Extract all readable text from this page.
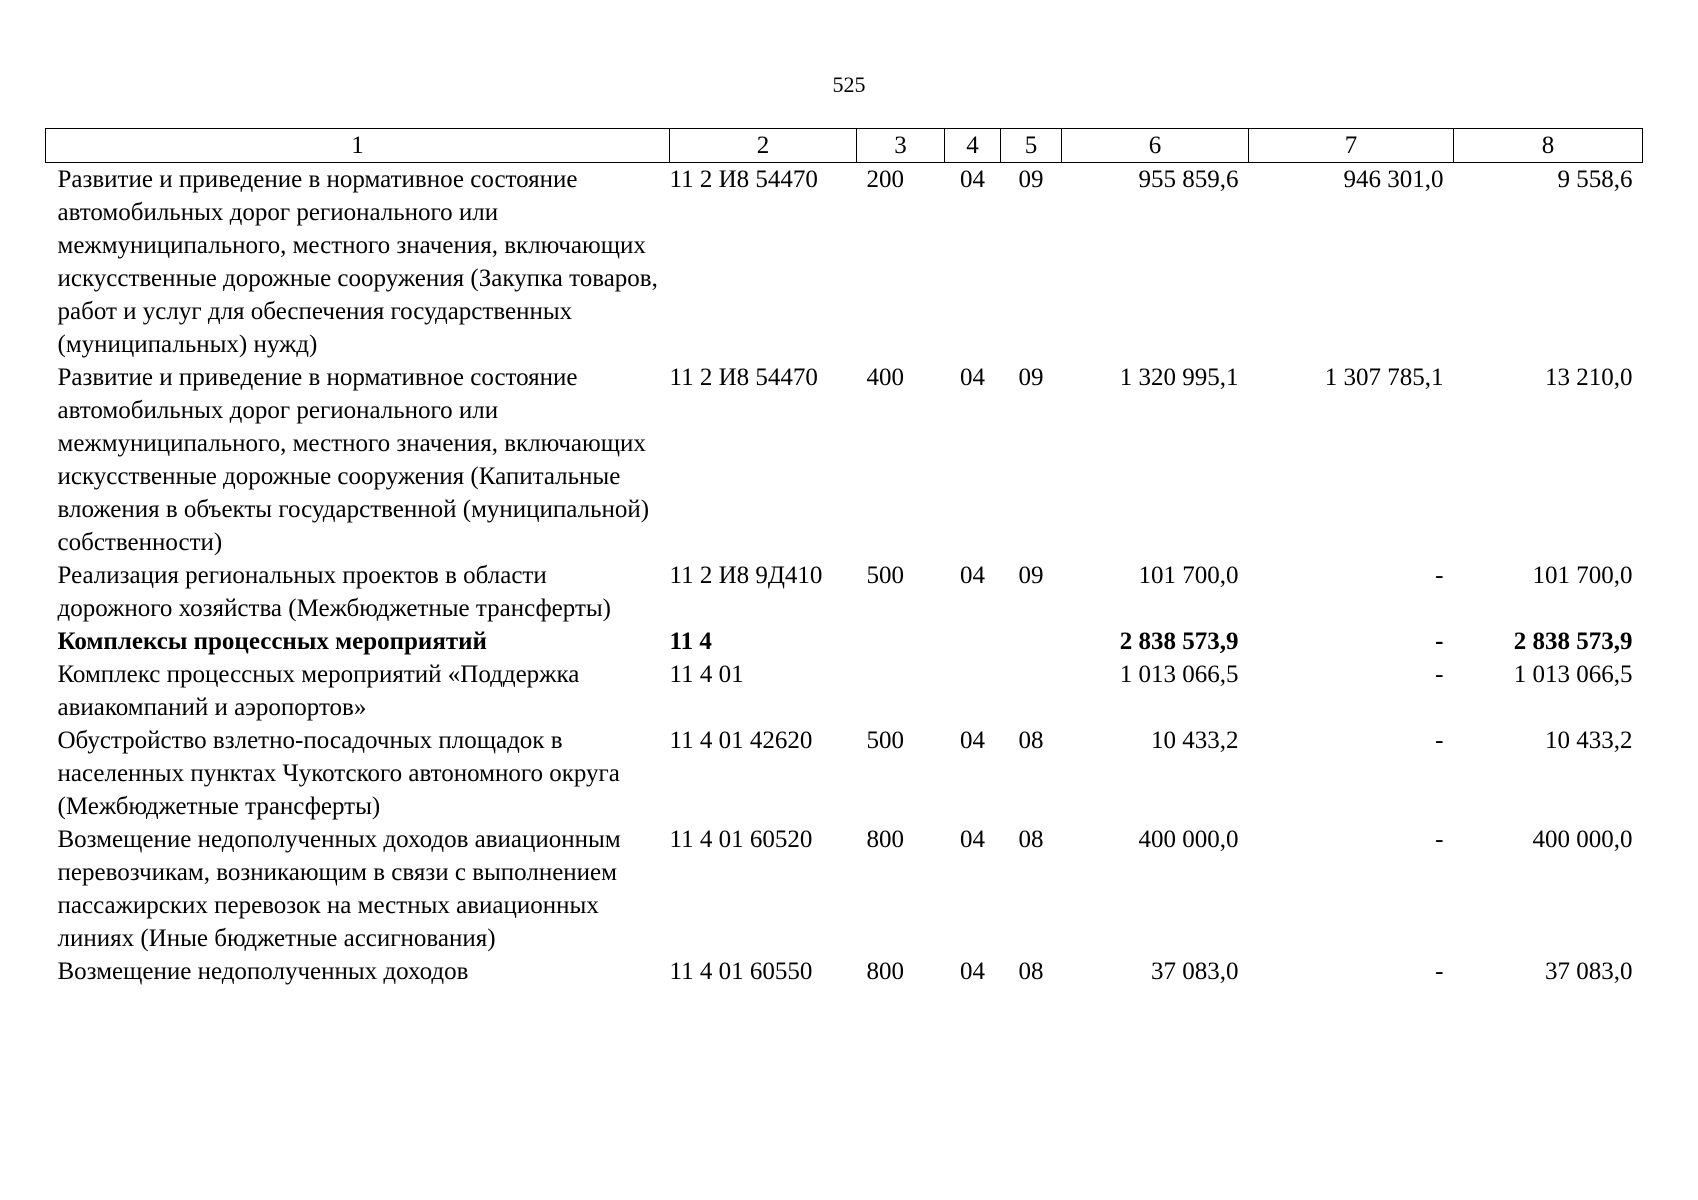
525
1	2	3	4	5	6	7	8
Развитие и приведение в нормативное состояние автомобильных дорог регионального или межмуниципального, местного значения, включающих искусственные дорожные сооружения (Закупка товаров, работ и услуг для обеспечения государственных (муниципальных) нужд)	11 2 И8 54470	200	04	09	955 859,6	946 301,0	9 558,6
Развитие и приведение в нормативное состояние автомобильных дорог регионального или межмуниципального, местного значения, включающих искусственные дорожные сооружения (Капитальные вложения в объекты государственной (муниципальной) собственности)	11 2 И8 54470	400	04	09	1 320 995,1	1 307 785,1	13 210,0
Реализация региональных проектов в области дорожного хозяйства (Межбюджетные трансферты)	11 2 И8 9Д410	500	04	09	101 700,0	-	101 700,0
Комплексы процессных мероприятий	11 4				2 838 573,9	-	2 838 573,9
Комплекс процессных мероприятий «Поддержка авиакомпаний и аэропортов»	11 4 01				1 013 066,5	-	1 013 066,5
Обустройство взлетно-посадочных площадок в населенных пунктах Чукотского автономного округа (Межбюджетные трансферты)	11 4 01 42620	500	04	08	10 433,2	-	10 433,2
Возмещение недополученных доходов авиационным перевозчикам, возникающим в связи с выполнением пассажирских перевозок на местных авиационных линиях (Иные бюджетные ассигнования)	11 4 01 60520	800	04	08	400 000,0	-	400 000,0
Возмещение недополученных доходов	11 4 01 60550	800	04	08	37 083,0	-	37 083,0
